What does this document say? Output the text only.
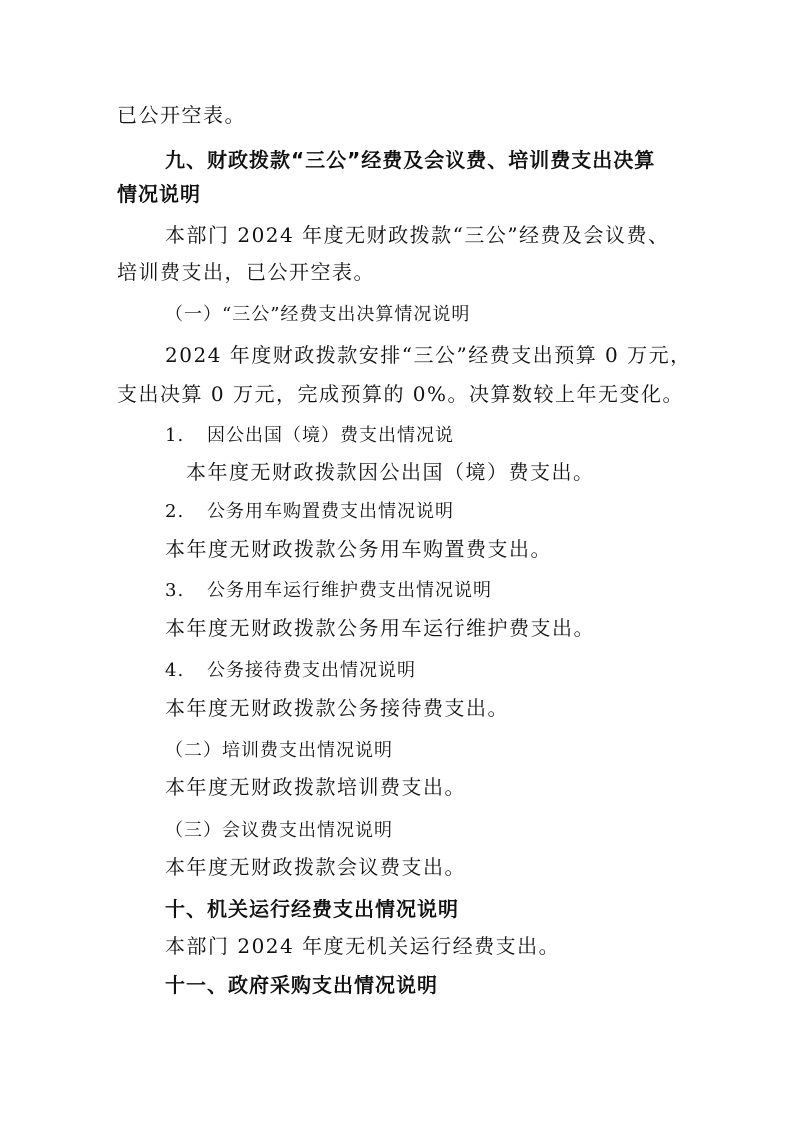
已公开空表。
九、财政拨款“三公”经费及会议费、培训费支出决算
情况说明
本部门 2024 年度无财政拨款“三公”经费及会议费、
培训费支出，已公开空表。
（一）“三公”经费支出决算情况说明
2024 年度财政拨款安排“三公”经费支出预算 0 万元，
支出决算 0 万元，完成预算的 0%。决算数较上年无变化。
1. 因公出国（境）费支出情况说
本年度无财政拨款因公出国（境）费支出。
2. 公务用车购置费支出情况说明
本年度无财政拨款公务用车购置费支出。
3. 公务用车运行维护费支出情况说明
本年度无财政拨款公务用车运行维护费支出。
4. 公务接待费支出情况说明
本年度无财政拨款公务接待费支出。
（二）培训费支出情况说明
本年度无财政拨款培训费支出。
（三）会议费支出情况说明
本年度无财政拨款会议费支出。
十、机关运行经费支出情况说明
本部门 2024 年度无机关运行经费支出。
十一、政府采购支出情况说明
